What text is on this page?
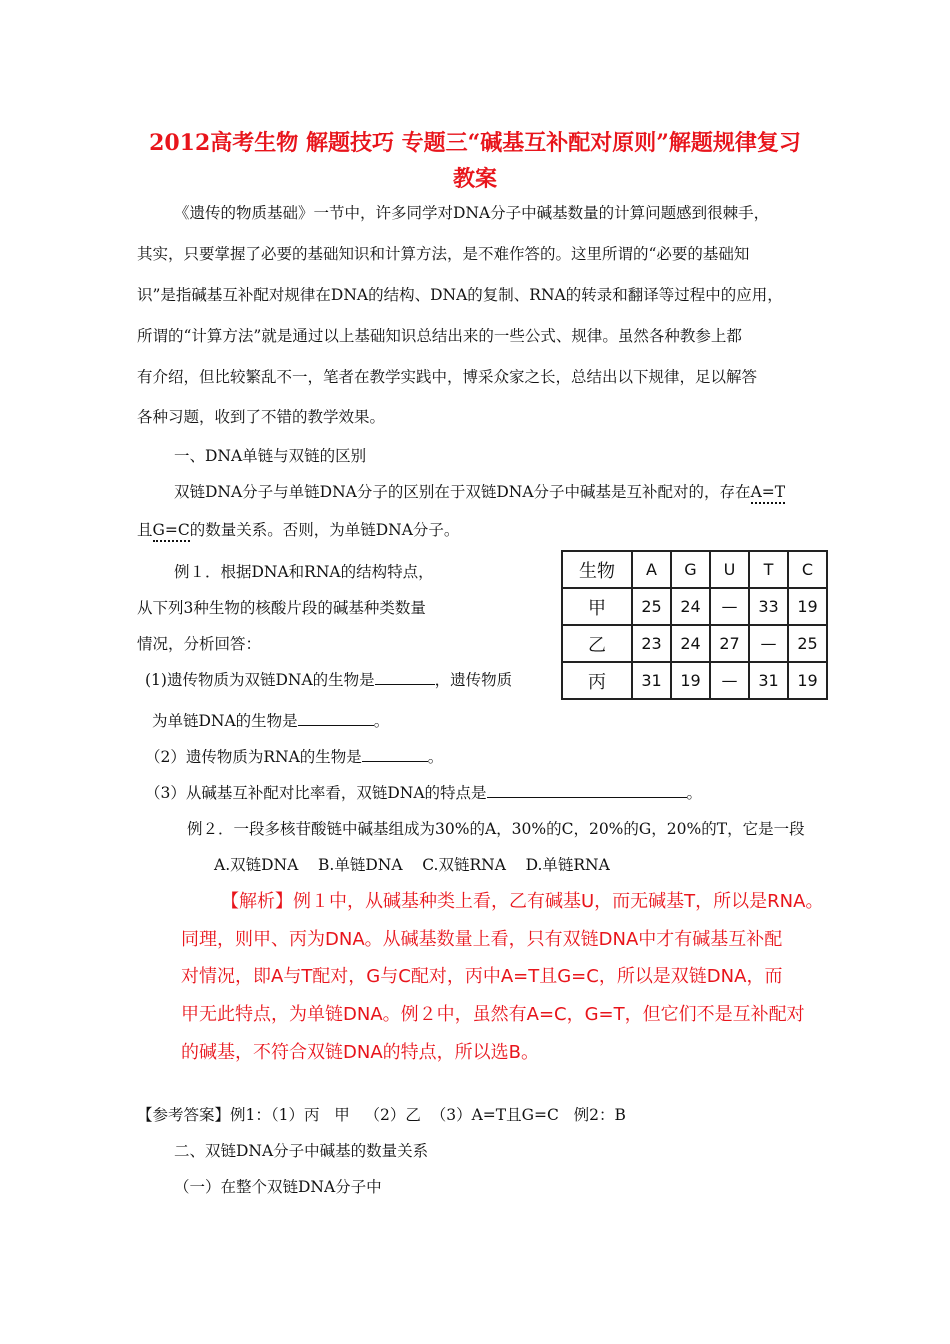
2012高考生物 解题技巧 专题三“碱基互补配对原则”解题规律复习
教案
《遗传的物质基础》一节中，许多同学对DNA分子中碱基数量的计算问题感到很棘手，
其实，只要掌握了必要的基础知识和计算方法，是不难作答的。这里所谓的“必要的基础知
识”是指碱基互补配对规律在DNA的结构、DNA的复制、RNA的转录和翻译等过程中的应用，
所谓的“计算方法”就是通过以上基础知识总结出来的一些公式、规律。虽然各种教参上都
有介绍，但比较繁乱不一，笔者在教学实践中，博采众家之长，总结出以下规律，足以解答
各种习题，收到了不错的教学效果。
一、DNA单链与双链的区别
双链DNA分子与单链DNA分子的区别在于双链DNA分子中碱基是互补配对的，存在A=T
且G=C的数量关系。否则，为单链DNA分子。
例１．根据DNA和RNA的结构特点，
从下列3种生物的核酸片段的碱基种类数量
情况，分析回答：
(1)遗传物质为双链DNA的生物是	，遗传物质
为单链DNA的生物是	。
（2）遗传物质为RNA的生物是	。
（3）从碱基互补配对比率看，双链DNA的特点是	。
生物	A	G	U	T	C
甲	25	24	—	33	19
乙	23	24	27	—	25
丙	31	19	—	31	19
例２．一段多核苷酸链中碱基组成为30%的A，30%的C，20%的G，20%的T，它是一段
A.双链DNA    B.单链DNA    C.双链RNA    D.单链RNA
【解析】例１中，从碱基种类上看，乙有碱基U，而无碱基T，所以是RNA。
同理，则甲、丙为DNA。从碱基数量上看，只有双链DNA中才有碱基互补配
对情况，即A与T配对，G与C配对，丙中A=T且G=C，所以是双链DNA，而
甲无此特点，为单链DNA。例２中，虽然有A=C，G=T，但它们不是互补配对
的碱基，不符合双链DNA的特点，所以选B。
【参考答案】例1：（1）丙   甲   （2）乙  （3）A=T且G=C   例2：B
二、双链DNA分子中碱基的数量关系
（一）在整个双链DNA分子中
